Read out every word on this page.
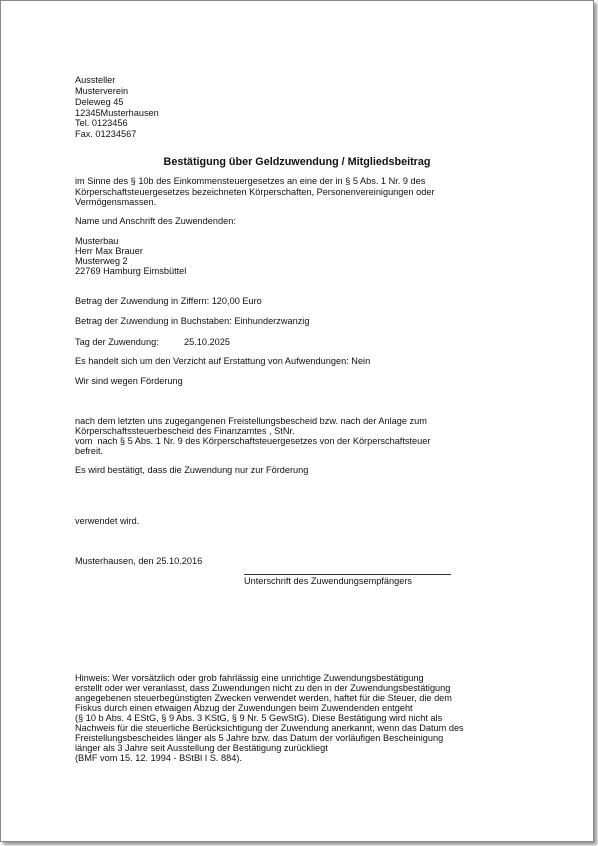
Aussteller
Musterverein
Deleweg 45
12345Musterhausen
Tel. 0123456
Fax. 01234567
Bestätigung über Geldzuwendung / Mitgliedsbeitrag
im Sinne des § 10b des Einkommensteuergesetzes an eine der in § 5 Abs. 1 Nr. 9 des
Körperschaftsteuergesetzes bezeichneten Körperschaften, Personenvereinigungen oder
Vermögensmassen.
Name und Anschrift des Zuwendenden:
Musterbau
Herr Max Brauer
Musterweg 2
22769 Hamburg Eimsbüttel
Betrag der Zuwendung in Ziffern: 120,00 Euro
Betrag der Zuwendung in Buchstaben: Einhunderzwanzig
Tag der Zuwendung:	25.10.2025
Es handelt sich um den Verzicht auf Erstattung von Aufwendungen: Nein
Wir sind wegen Förderung
nach dem letzten uns zugegangenen Freistellungsbescheid bzw. nach der Anlage zum
Körperschaftssteuerbescheid des Finanzamtes , StNr.
vom  nach § 5 Abs. 1 Nr. 9 des Körperschaftsteuergesetzes von der Körperschaftsteuer
befreit.
Es wird bestätigt, dass die Zuwendung nur zur Förderung
verwendet wird.
Musterhausen, den 25.10.2016
Unterschrift des Zuwendungsempfängers
Hinweis: Wer vorsätzlich oder grob fahrlässig eine unrichtige Zuwendungsbestätigung
erstellt oder wer veranlasst, dass Zuwendungen nicht zu den in der Zuwendungsbestätigung
angegebenen steuerbegünstigten Zwecken verwendet werden, haftet für die Steuer, die dem
Fiskus durch einen etwaigen Abzug der Zuwendungen beim Zuwendenden entgeht
(§ 10 b Abs. 4 EStG, § 9 Abs. 3 KStG, § 9 Nr. 5 GewStG). Diese Bestätigung wird nicht als
Nachweis für die steuerliche Berücksichtigung der Zuwendung anerkannt, wenn das Datum des
Freistellungsbescheides länger als 5 Jahre bzw. das Datum der vorläufigen Bescheinigung
länger als 3 Jahre seit Ausstellung der Bestätigung zurückliegt
(BMF vom 15. 12. 1994 - BStBl I S. 884).
